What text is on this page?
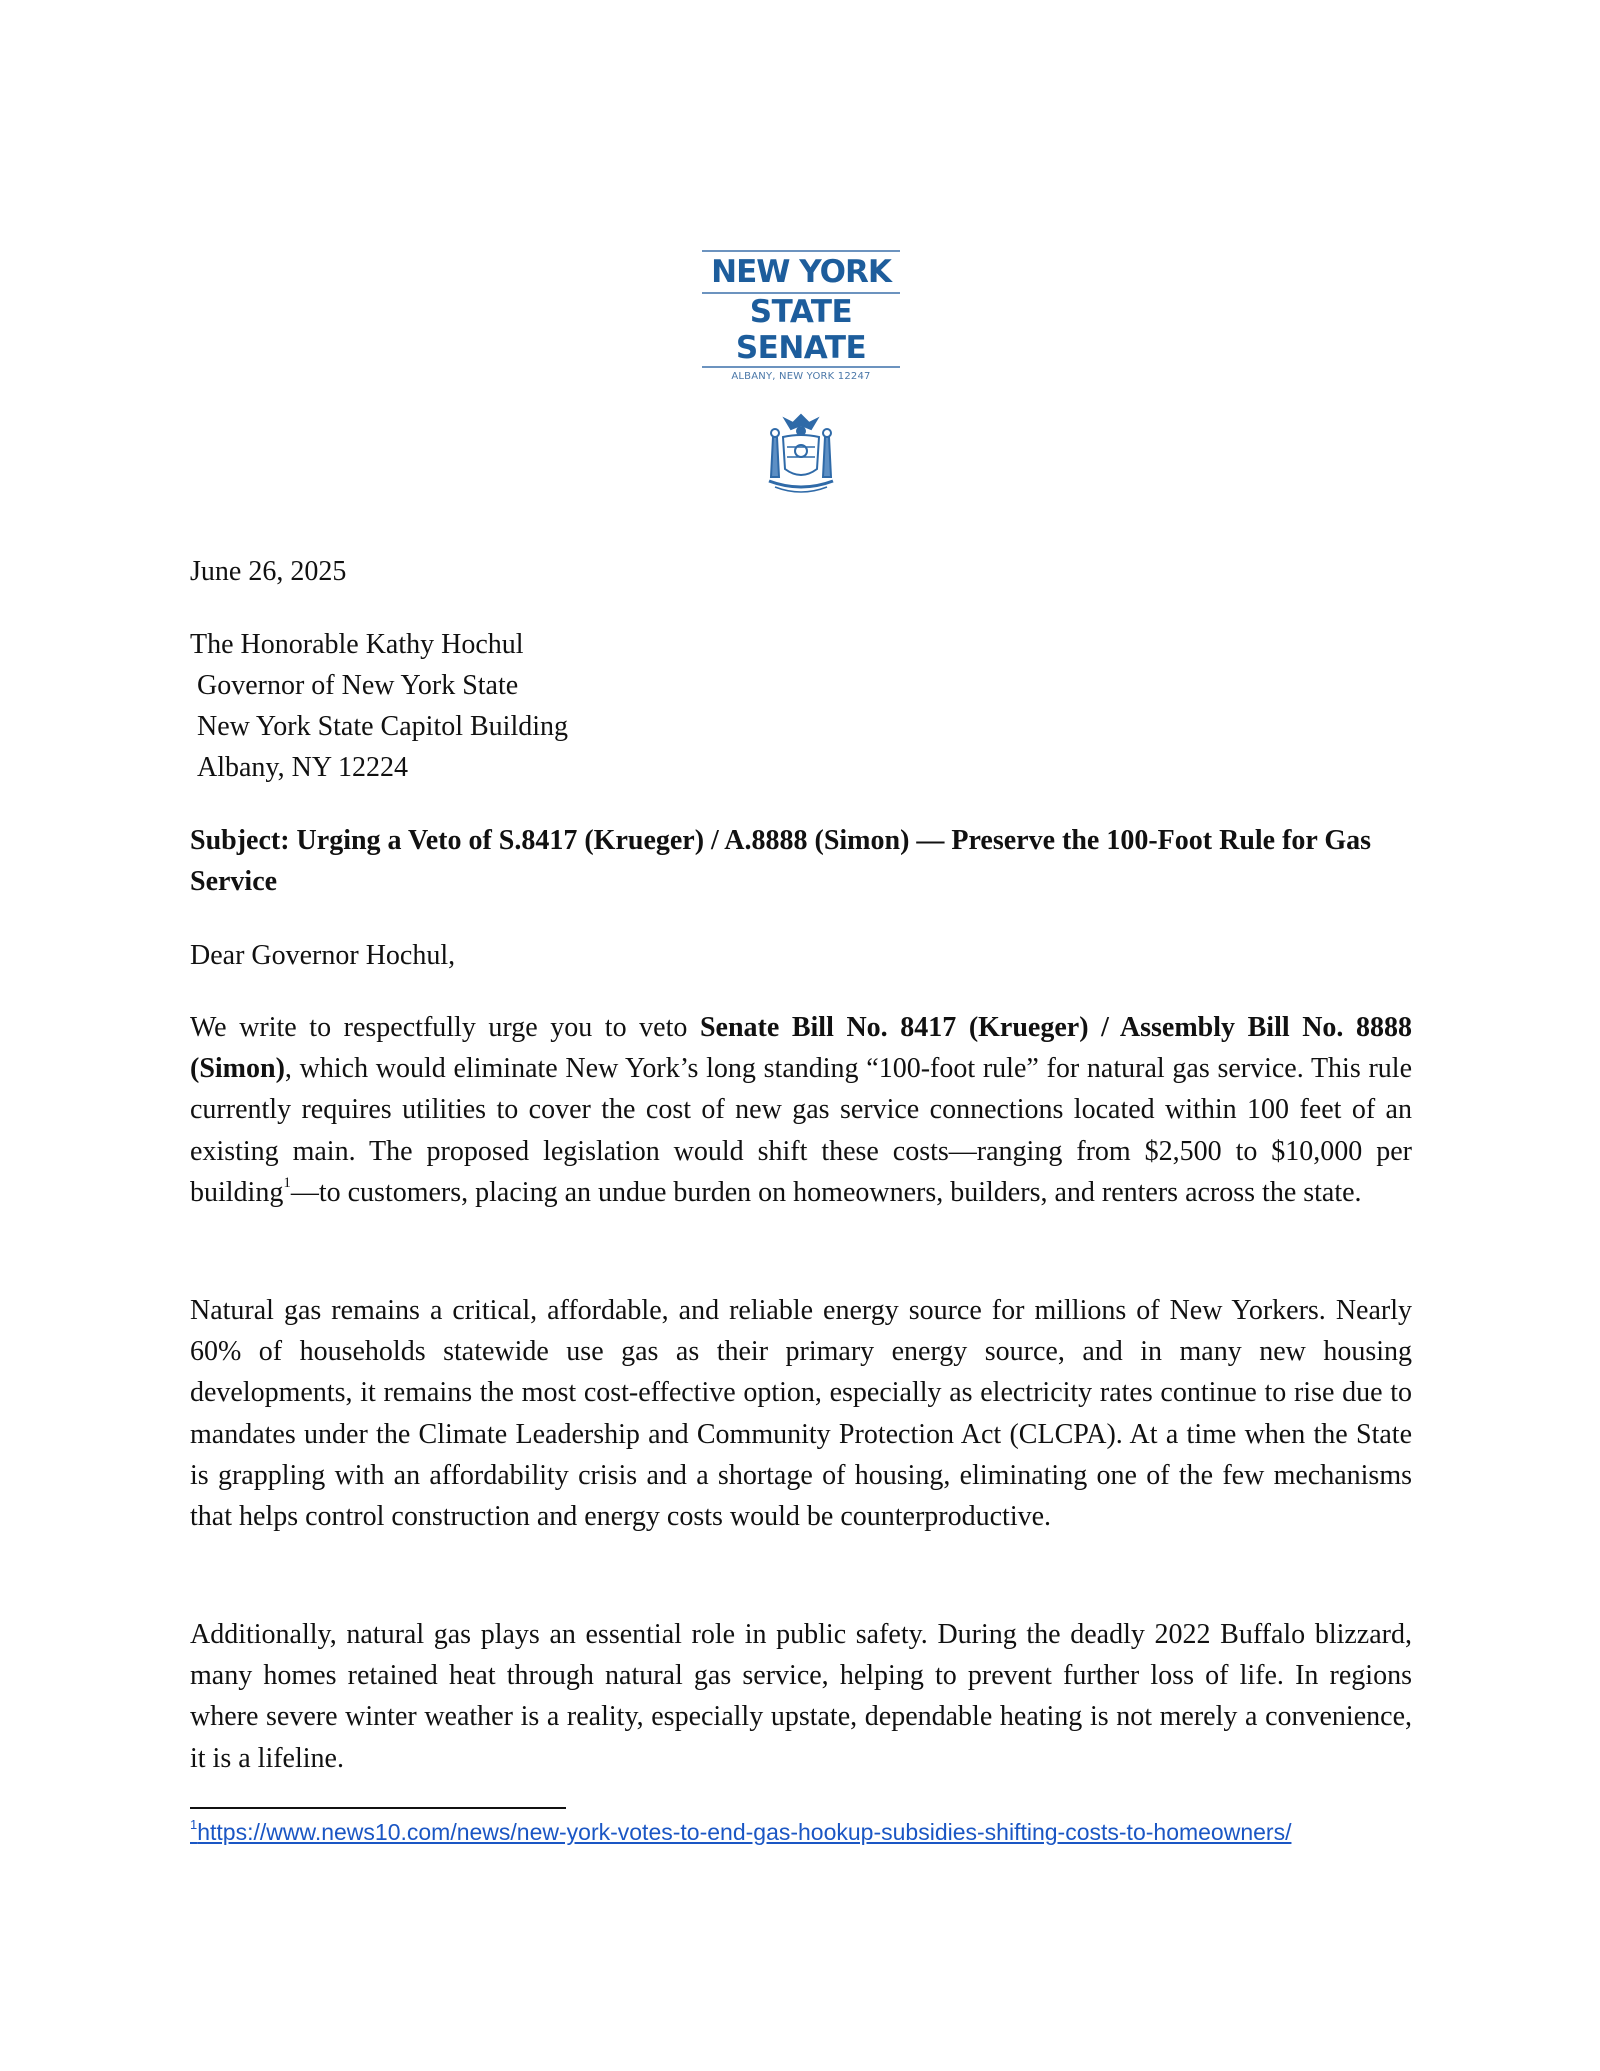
NEW YORK
STATE
SENATE
ALBANY, NEW YORK 12247
June 26, 2025
The Honorable Kathy Hochul
Governor of New York State
New York State Capitol Building
Albany, NY 12224
Subject: Urging a Veto of S.8417 (Krueger) / A.8888 (Simon) — Preserve the 100-Foot Rule for Gas Service
Dear Governor Hochul,
We write to respectfully urge you to veto Senate Bill No. 8417 (Krueger) / Assembly Bill No. 8888 (Simon), which would eliminate New York’s long standing “100-foot rule” for natural gas service. This rule currently requires utilities to cover the cost of new gas service connections located within 100 feet of an existing main. The proposed legislation would shift these costs—ranging from $2,500 to $10,000 per building$^1$—to customers, placing an undue burden on homeowners, builders, and renters across the state.
Natural gas remains a critical, affordable, and reliable energy source for millions of New Yorkers. Nearly 60% of households statewide use gas as their primary energy source, and in many new housing developments, it remains the most cost-effective option, especially as electricity rates continue to rise due to mandates under the Climate Leadership and Community Protection Act (CLCPA). At a time when the State is grappling with an affordability crisis and a shortage of housing, eliminating one of the few mechanisms that helps control construction and energy costs would be counterproductive.
Additionally, natural gas plays an essential role in public safety. During the deadly 2022 Buffalo blizzard, many homes retained heat through natural gas service, helping to prevent further loss of life. In regions where severe winter weather is a reality, especially upstate, dependable heating is not merely a convenience, it is a lifeline.
$^1$https://www.news10.com/news/new-york-votes-to-end-gas-hookup-subsidies-shifting-costs-to-homeowners/
